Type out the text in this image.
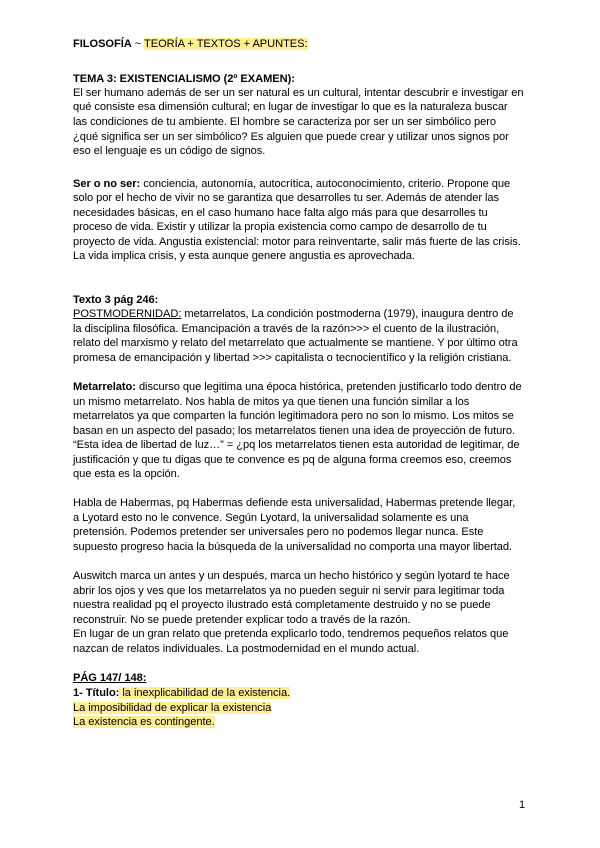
FILOSOFÍA ~ TEORÍA + TEXTOS + APUNTES:
TEMA 3: EXISTENCIALISMO (2º EXAMEN):
El ser humano además de ser un ser natural es un cultural, intentar descubrir e investigar en
qué consiste esa dimensión cultural; en lugar de investigar lo que es la naturaleza buscar
las condiciones de tu ambiente. El hombre se caracteriza por ser un ser simbólico pero
¿qué significa ser un ser simbólico? Es alguien que puede crear y utilizar unos signos por
eso el lenguaje es un código de signos.
Ser o no ser: conciencia, autonomía, autocrítica, autoconocimiento, criterio. Propone que
solo por el hecho de vivir no se garantiza que desarrolles tu ser. Además de atender las
necesidades básicas, en el caso humano hace falta algo más para que desarrolles tu
proceso de vida. Existir y utilizar la propia existencia como campo de desarrollo de tu
proyecto de vida. Angustia existencial: motor para reinventarte, salir más fuerte de las crisis.
La vida implica crisis, y esta aunque genere angustia es aprovechada.
Texto 3 pág 246:
POSTMODERNIDAD: metarrelatos, La condición postmoderna (1979), inaugura dentro de
la disciplina filosófica. Emancipación a través de la razón>>> el cuento de la ilustración,
relato del marxismo y relato del metarrelato que actualmente se mantiene. Y por último otra
promesa de emancipación y libertad >>> capitalista o tecnocientífico y la religión cristiana.
Metarrelato: discurso que legitima una época histórica, pretenden justificarlo todo dentro de
un mismo metarrelato. Nos habla de mitos ya que tienen una función similar a los
metarrelatos ya que comparten la función legitimadora pero no son lo mismo. Los mitos se
basan en un aspecto del pasado; los metarrelatos tienen una idea de proyección de futuro.
“Esta idea de libertad de luz…” = ¿pq los metarrelatos tienen esta autoridad de legitimar, de
justificación y que tu digas que te convence es pq de alguna forma creemos eso, creemos
que esta es la opción.
Habla de Habermas, pq Habermas defiende esta universalidad, Habermas pretende llegar,
a Lyotard esto no le convence. Según Lyotard, la universalidad solamente es una
pretensión. Podemos pretender ser universales pero no podemos llegar nunca. Este
supuesto progreso hacia la búsqueda de la universalidad no comporta una mayor libertad.
Auswitch marca un antes y un después, marca un hecho histórico y según lyotard te hace
abrir los ojos y ves que los metarrelatos ya no pueden seguir ni servir para legitimar toda
nuestra realidad pq el proyecto ilustrado está completamente destruido y no se puede
reconstruir. No se puede pretender explicar todo a través de la razón.
En lugar de un gran relato que pretenda explicarlo todo, tendremos pequeños relatos que
nazcan de relatos individuales. La postmodernidad en el mundo actual.
PÁG 147/ 148:
1- Título: la inexplicabilidad de la existencia.
La imposibilidad de explicar la existencia
La existencia es contingente.
1
